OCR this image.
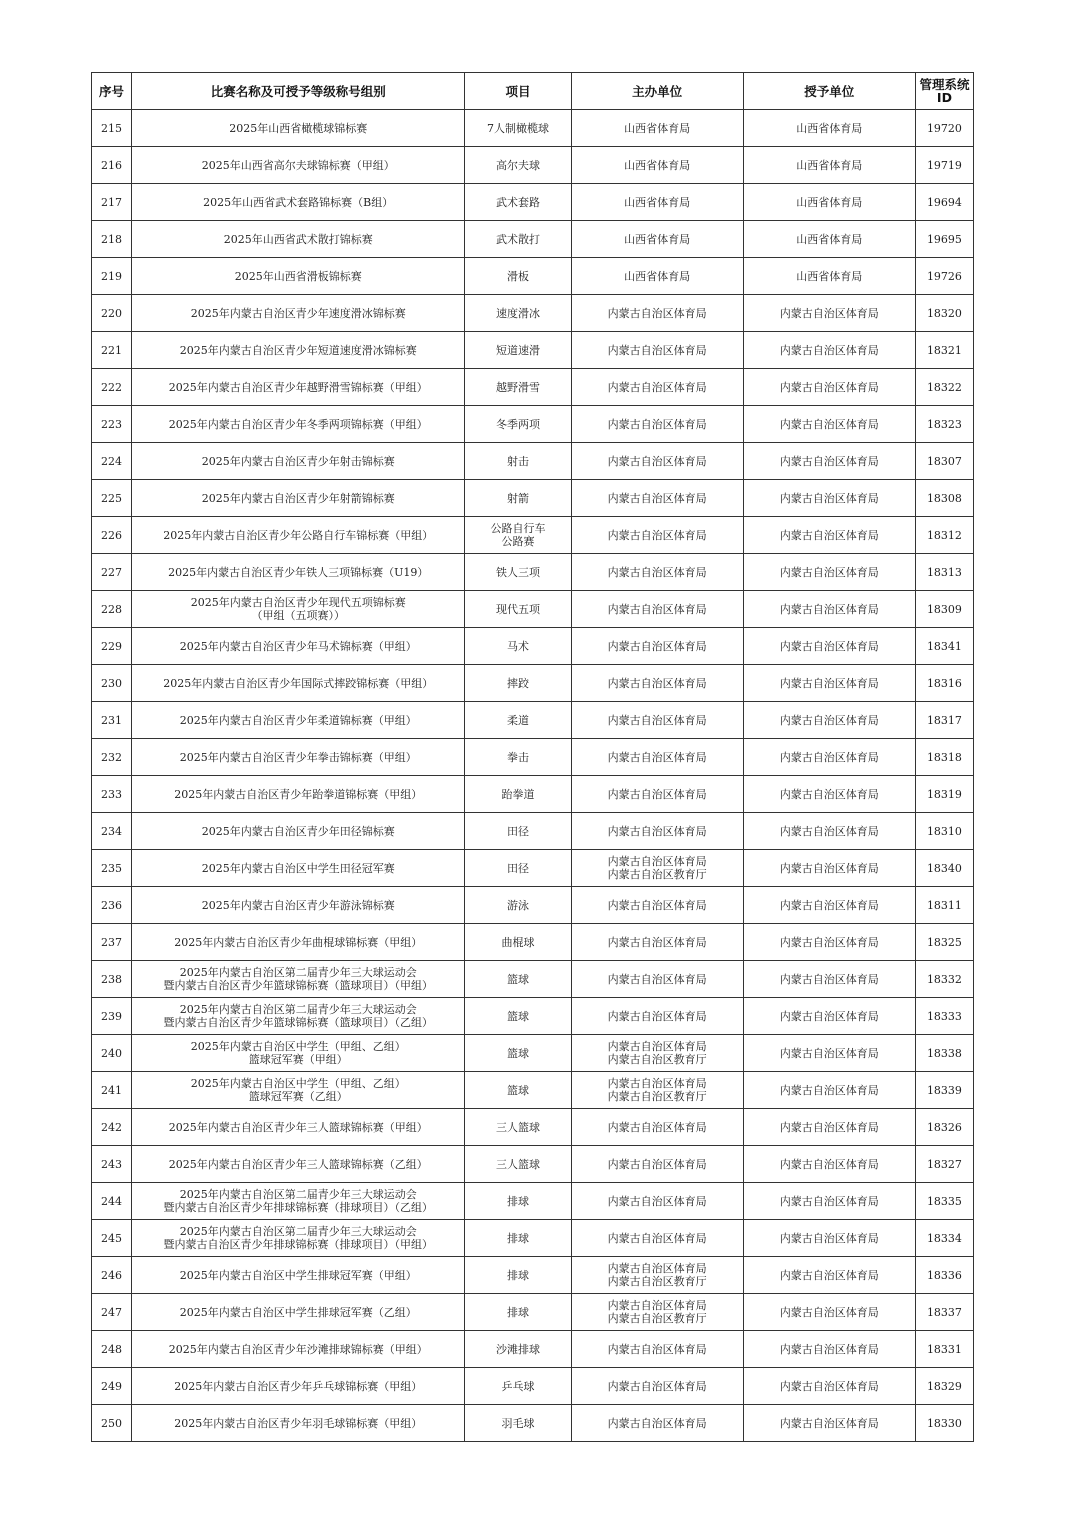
序号	比赛名称及可授予等级称号组别	项目	主办单位	授予单位	管理系统
ID

215	2025年山西省橄榄球锦标赛	7人制橄榄球	山西省体育局	山西省体育局	19720
216	2025年山西省高尔夫球锦标赛（甲组）	高尔夫球	山西省体育局	山西省体育局	19719
217	2025年山西省武术套路锦标赛（B组）	武术套路	山西省体育局	山西省体育局	19694
218	2025年山西省武术散打锦标赛	武术散打	山西省体育局	山西省体育局	19695
219	2025年山西省滑板锦标赛	滑板	山西省体育局	山西省体育局	19726
220	2025年内蒙古自治区青少年速度滑冰锦标赛	速度滑冰	内蒙古自治区体育局	内蒙古自治区体育局	18320
221	2025年内蒙古自治区青少年短道速度滑冰锦标赛	短道速滑	内蒙古自治区体育局	内蒙古自治区体育局	18321
222	2025年内蒙古自治区青少年越野滑雪锦标赛（甲组）	越野滑雪	内蒙古自治区体育局	内蒙古自治区体育局	18322
223	2025年内蒙古自治区青少年冬季两项锦标赛（甲组）	冬季两项	内蒙古自治区体育局	内蒙古自治区体育局	18323
224	2025年内蒙古自治区青少年射击锦标赛	射击	内蒙古自治区体育局	内蒙古自治区体育局	18307
225	2025年内蒙古自治区青少年射箭锦标赛	射箭	内蒙古自治区体育局	内蒙古自治区体育局	18308
226	2025年内蒙古自治区青少年公路自行车锦标赛（甲组）	公路自行车
公路赛	内蒙古自治区体育局	内蒙古自治区体育局	18312
227	2025年内蒙古自治区青少年铁人三项锦标赛（U19）	铁人三项	内蒙古自治区体育局	内蒙古自治区体育局	18313
228	2025年内蒙古自治区青少年现代五项锦标赛
（甲组（五项赛））	现代五项	内蒙古自治区体育局	内蒙古自治区体育局	18309
229	2025年内蒙古自治区青少年马术锦标赛（甲组）	马术	内蒙古自治区体育局	内蒙古自治区体育局	18341
230	2025年内蒙古自治区青少年国际式摔跤锦标赛（甲组）	摔跤	内蒙古自治区体育局	内蒙古自治区体育局	18316
231	2025年内蒙古自治区青少年柔道锦标赛（甲组）	柔道	内蒙古自治区体育局	内蒙古自治区体育局	18317
232	2025年内蒙古自治区青少年拳击锦标赛（甲组）	拳击	内蒙古自治区体育局	内蒙古自治区体育局	18318
233	2025年内蒙古自治区青少年跆拳道锦标赛（甲组）	跆拳道	内蒙古自治区体育局	内蒙古自治区体育局	18319
234	2025年内蒙古自治区青少年田径锦标赛	田径	内蒙古自治区体育局	内蒙古自治区体育局	18310
235	2025年内蒙古自治区中学生田径冠军赛	田径	内蒙古自治区体育局
内蒙古自治区教育厅	内蒙古自治区体育局	18340
236	2025年内蒙古自治区青少年游泳锦标赛	游泳	内蒙古自治区体育局	内蒙古自治区体育局	18311
237	2025年内蒙古自治区青少年曲棍球锦标赛（甲组）	曲棍球	内蒙古自治区体育局	内蒙古自治区体育局	18325
238	2025年内蒙古自治区第二届青少年三大球运动会
暨内蒙古自治区青少年篮球锦标赛（篮球项目）（甲组）	篮球	内蒙古自治区体育局	内蒙古自治区体育局	18332
239	2025年内蒙古自治区第二届青少年三大球运动会
暨内蒙古自治区青少年篮球锦标赛（篮球项目）（乙组）	篮球	内蒙古自治区体育局	内蒙古自治区体育局	18333
240	2025年内蒙古自治区中学生（甲组、乙组）
篮球冠军赛（甲组）	篮球	内蒙古自治区体育局
内蒙古自治区教育厅	内蒙古自治区体育局	18338
241	2025年内蒙古自治区中学生（甲组、乙组）
篮球冠军赛（乙组）	篮球	内蒙古自治区体育局
内蒙古自治区教育厅	内蒙古自治区体育局	18339
242	2025年内蒙古自治区青少年三人篮球锦标赛（甲组）	三人篮球	内蒙古自治区体育局	内蒙古自治区体育局	18326
243	2025年内蒙古自治区青少年三人篮球锦标赛（乙组）	三人篮球	内蒙古自治区体育局	内蒙古自治区体育局	18327
244	2025年内蒙古自治区第二届青少年三大球运动会
暨内蒙古自治区青少年排球锦标赛（排球项目）（乙组）	排球	内蒙古自治区体育局	内蒙古自治区体育局	18335
245	2025年内蒙古自治区第二届青少年三大球运动会
暨内蒙古自治区青少年排球锦标赛（排球项目）（甲组）	排球	内蒙古自治区体育局	内蒙古自治区体育局	18334
246	2025年内蒙古自治区中学生排球冠军赛（甲组）	排球	内蒙古自治区体育局
内蒙古自治区教育厅	内蒙古自治区体育局	18336
247	2025年内蒙古自治区中学生排球冠军赛（乙组）	排球	内蒙古自治区体育局
内蒙古自治区教育厅	内蒙古自治区体育局	18337
248	2025年内蒙古自治区青少年沙滩排球锦标赛（甲组）	沙滩排球	内蒙古自治区体育局	内蒙古自治区体育局	18331
249	2025年内蒙古自治区青少年乒乓球锦标赛（甲组）	乒乓球	内蒙古自治区体育局	内蒙古自治区体育局	18329
250	2025年内蒙古自治区青少年羽毛球锦标赛（甲组）	羽毛球	内蒙古自治区体育局	内蒙古自治区体育局	18330
